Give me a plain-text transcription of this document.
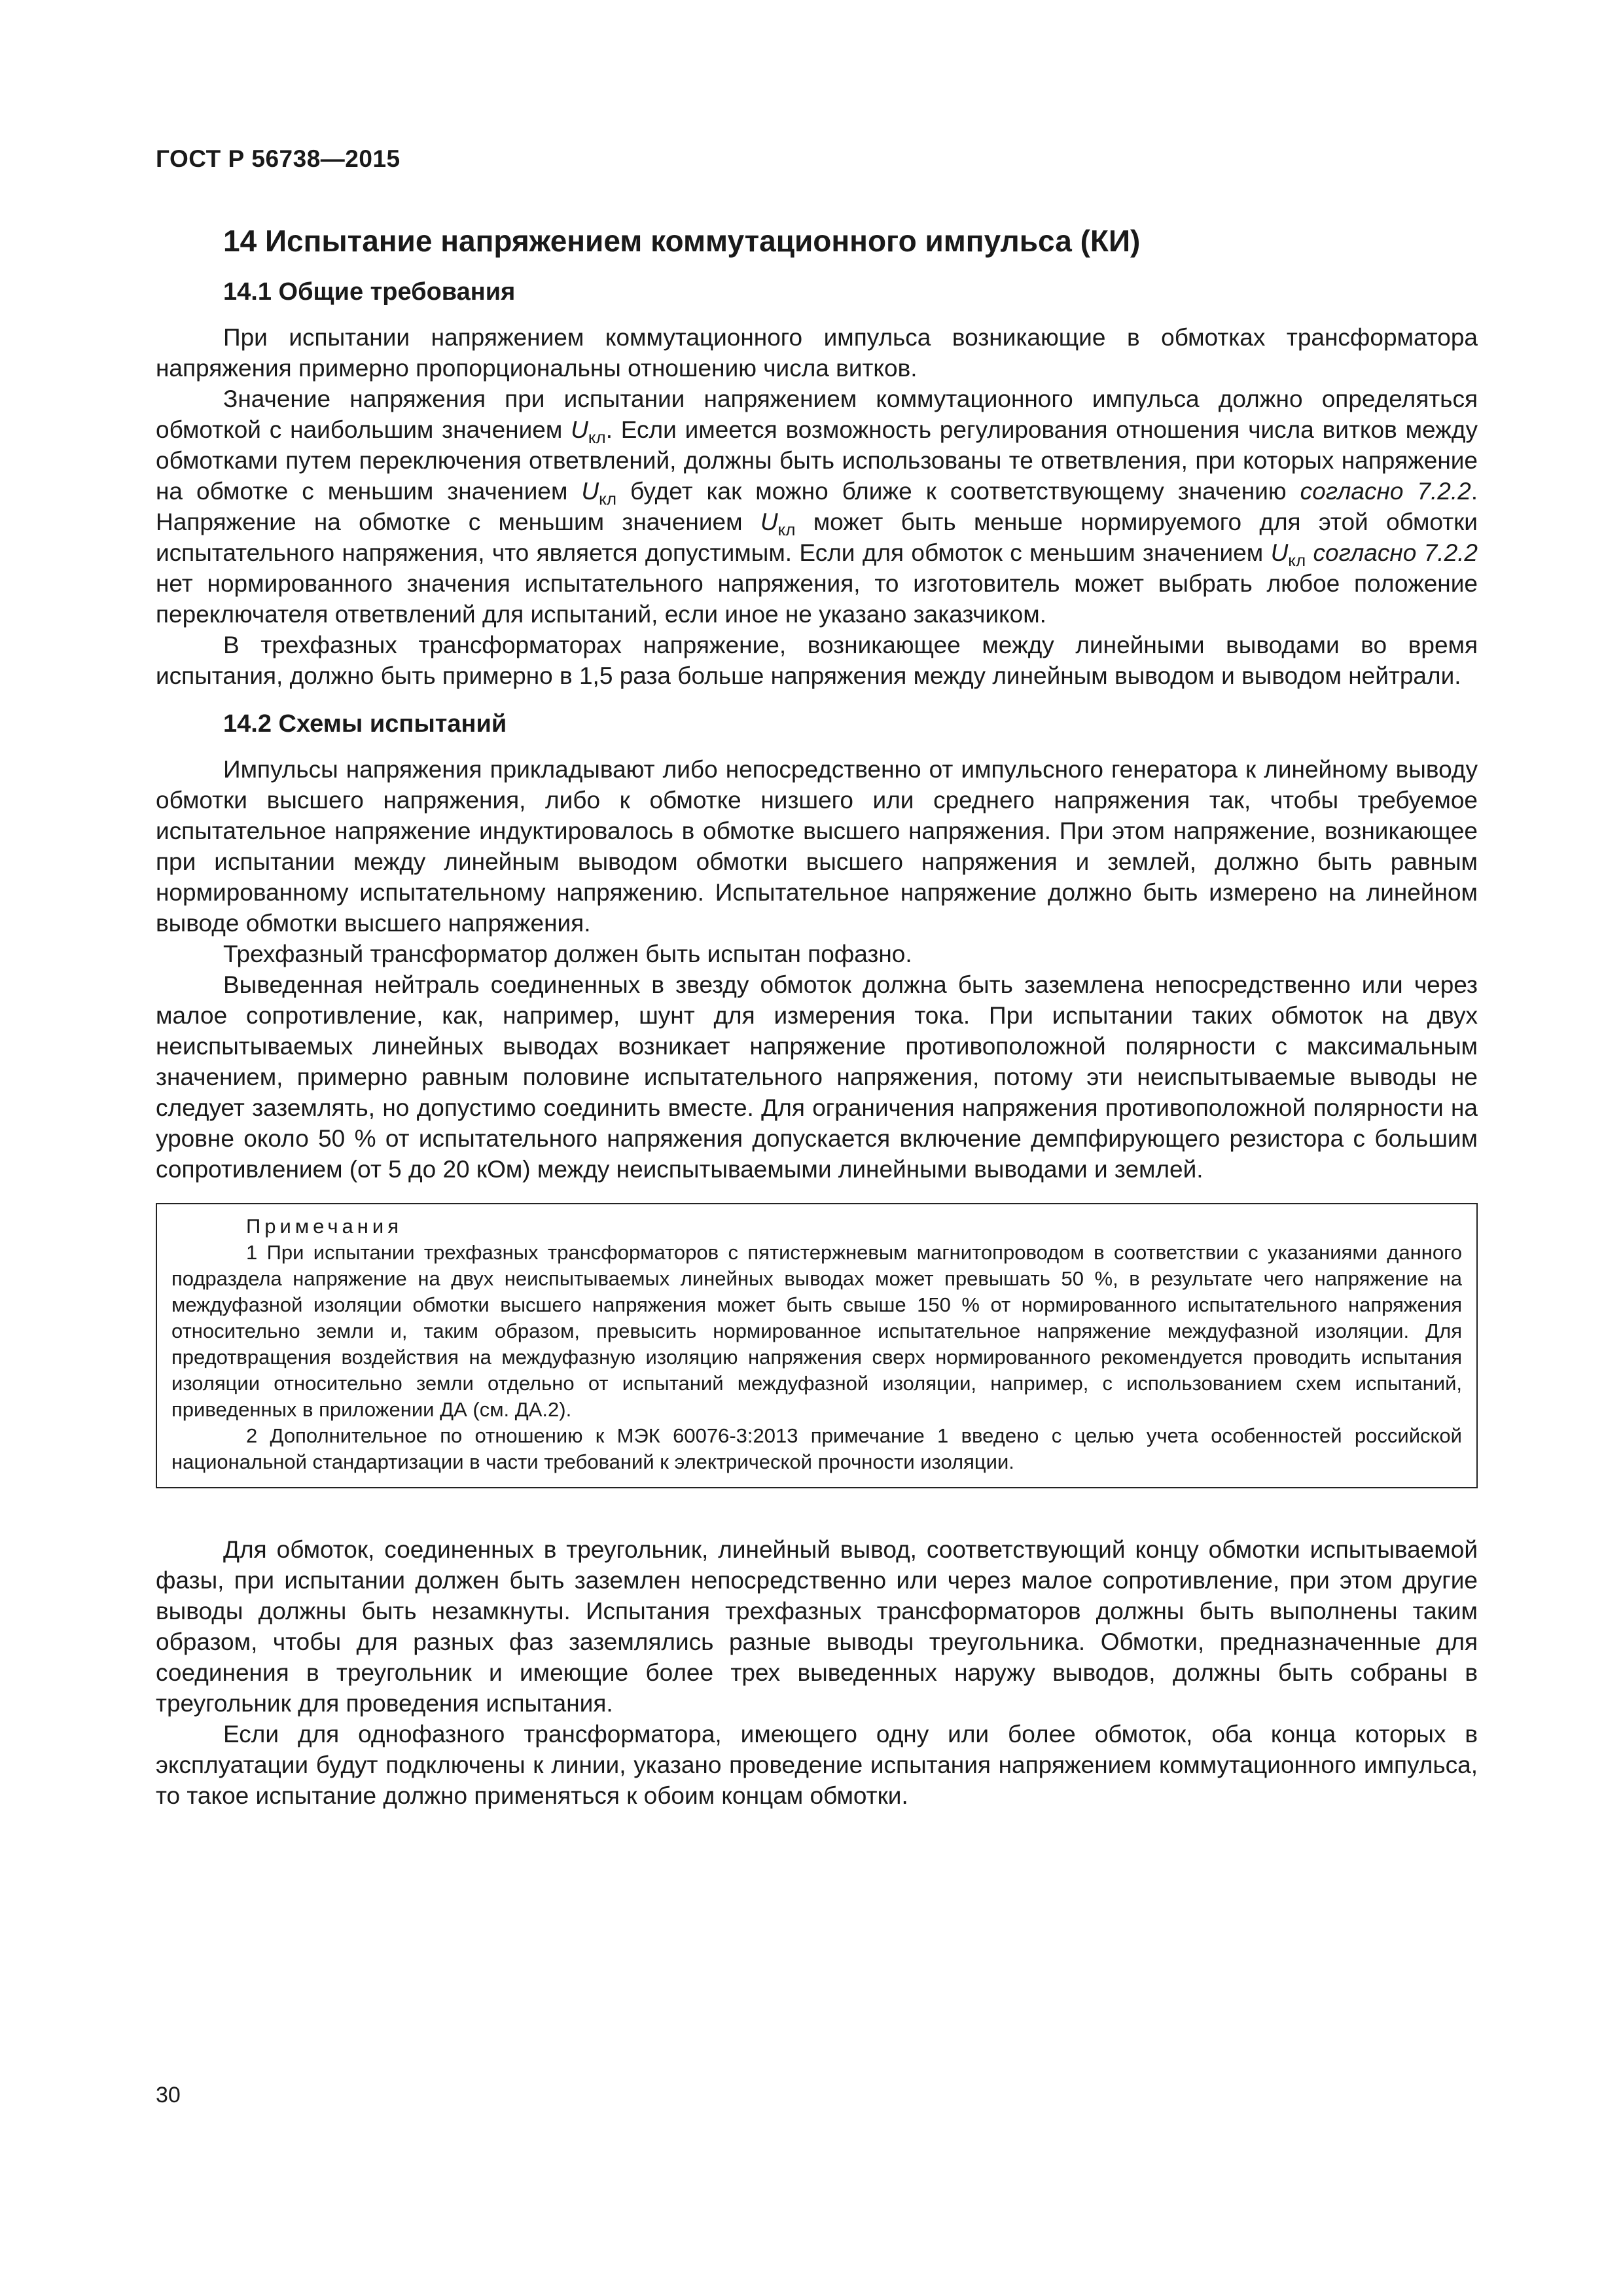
ГОСТ Р 56738—2015
14 Испытание напряжением коммутационного импульса (КИ)
14.1 Общие требования

При испытании напряжением коммутационного импульса возникающие в обмотках трансформатора напряжения примерно пропорциональны отношению числа витков.

Значение напряжения при испытании напряжением коммутационного импульса должно определяться обмоткой с наибольшим значением $U_{кл}$. Если имеется возможность регулирования отношения числа витков между обмотками путем переключения ответвлений, должны быть использованы те ответвления, при которых напряжение на обмотке с меньшим значением $U_{кл}$ будет как можно ближе к соответствующему значению согласно 7.2.2. Напряжение на обмотке с меньшим значением $U_{кл}$ может быть меньше нормируемого для этой обмотки испытательного напряжения, что является допустимым. Если для обмоток с меньшим значением $U_{кл}$ согласно 7.2.2 нет нормированного значения испытательного напряжения, то изготовитель может выбрать любое положение переключателя ответвлений для испытаний, если иное не указано заказчиком.

В трехфазных трансформаторах напряжение, возникающее между линейными выводами во время испытания, должно быть примерно в 1,5 раза больше напряжения между линейным выводом и выводом нейтрали.

14.2 Схемы испытаний

Импульсы напряжения прикладывают либо непосредственно от импульсного генератора к линейному выводу обмотки высшего напряжения, либо к обмотке низшего или среднего напряжения так, чтобы требуемое испытательное напряжение индуктировалось в обмотке высшего напряжения. При этом напряжение, возникающее при испытании между линейным выводом обмотки высшего напряжения и землей, должно быть равным нормированному испытательному напряжению. Испытательное напряжение должно быть измерено на линейном выводе обмотки высшего напряжения.

Трехфазный трансформатор должен быть испытан пофазно.

Выведенная нейтраль соединенных в звезду обмоток должна быть заземлена непосредственно или через малое сопротивление, как, например, шунт для измерения тока. При испытании таких обмоток на двух неиспытываемых линейных выводах возникает напряжение противоположной полярности с максимальным значением, примерно равным половине испытательного напряжения, потому эти неиспытываемые выводы не следует заземлять, но допустимо соединить вместе. Для ограничения напряжения противоположной полярности на уровне около 50 % от испытательного напряжения допускается включение демпфирующего резистора с большим сопротивлением (от 5 до 20 кОм) между неиспытываемыми линейными выводами и землей.

Примечания

1 При испытании трехфазных трансформаторов с пятистержневым магнитопроводом в соответствии с указаниями данного подраздела напряжение на двух неиспытываемых линейных выводах может превышать 50 %, в результате чего напряжение на междуфазной изоляции обмотки высшего напряжения может быть свыше 150 % от нормированного испытательного напряжения относительно земли и, таким образом, превысить нормированное испытательное напряжение междуфазной изоляции. Для предотвращения воздействия на междуфазную изоляцию напряжения сверх нормированного рекомендуется проводить испытания изоляции относительно земли отдельно от испытаний междуфазной изоляции, например, с использованием схем испытаний, приведенных в приложении ДА (см. ДА.2).

2 Дополнительное по отношению к МЭК 60076-3:2013 примечание 1 введено с целью учета особенностей российской национальной стандартизации в части требований к электрической прочности изоляции.

Для обмоток, соединенных в треугольник, линейный вывод, соответствующий концу обмотки испытываемой фазы, при испытании должен быть заземлен непосредственно или через малое сопротивление, при этом другие выводы должны быть незамкнуты. Испытания трехфазных трансформаторов должны быть выполнены таким образом, чтобы для разных фаз заземлялись разные выводы треугольника. Обмотки, предназначенные для соединения в треугольник и имеющие более трех выведенных наружу выводов, должны быть собраны в треугольник для проведения испытания.

Если для однофазного трансформатора, имеющего одну или более обмоток, оба конца которых в эксплуатации будут подключены к линии, указано проведение испытания напряжением коммутационного импульса, то такое испытание должно применяться к обоим концам обмотки.

30
